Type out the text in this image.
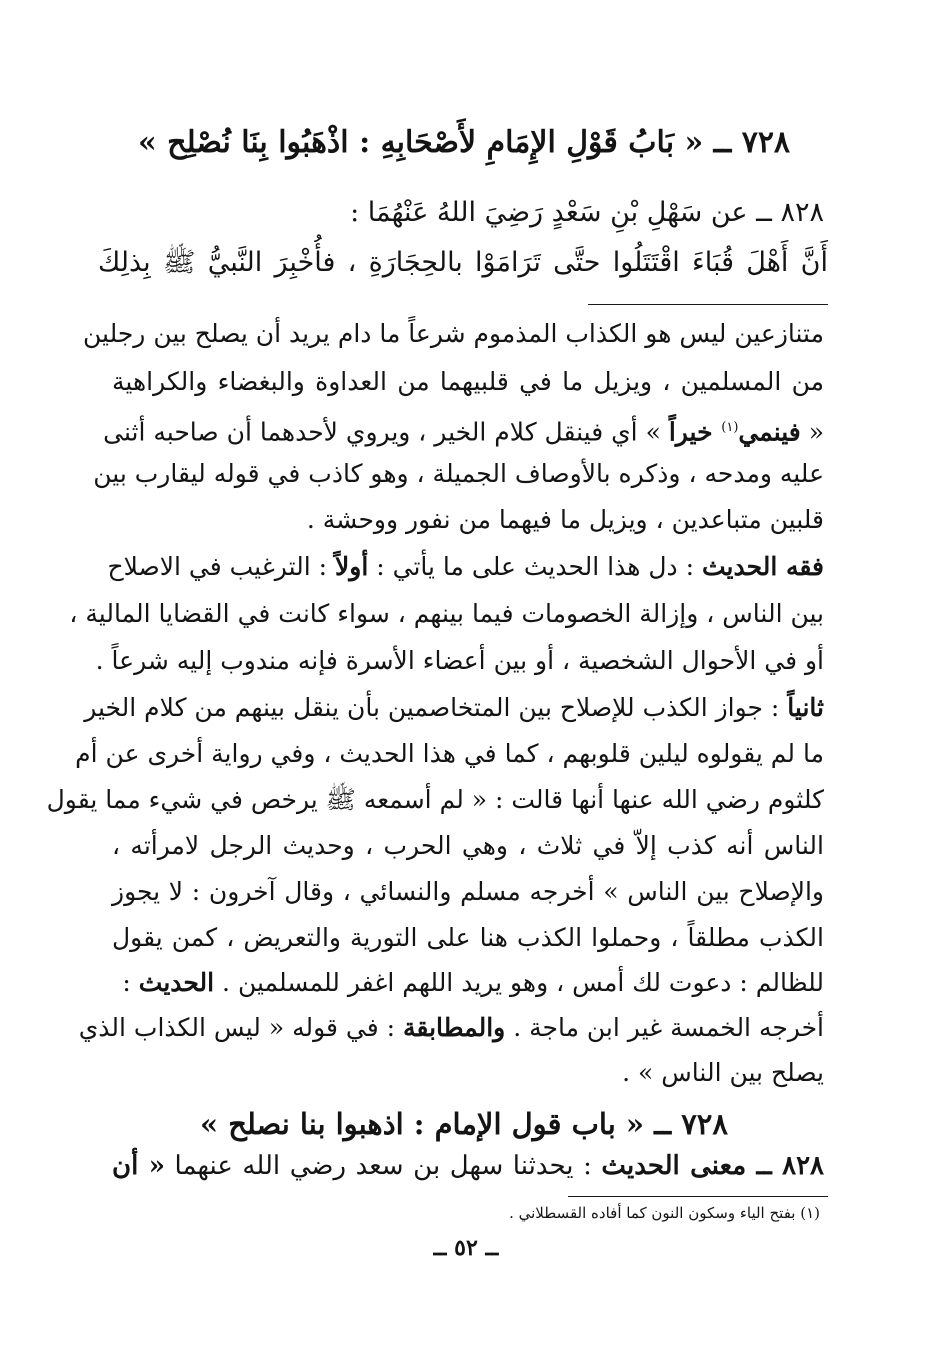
٧٢٨ ــ « بَابُ قَوْلِ الإِمَامِ لأَصْحَابِهِ : اذْهَبُوا بِنَا نُصْلِح »
٨٢٨ ــ عن سَهْلِ بْنِ سَعْدٍ رَضِيَ اللهُ عَنْهُمَا :
أَنَّ أَهْلَ قُبَاءَ اقْتَتَلُوا حتَّى تَرَامَوْا بالحِجَارَةِ ، فأُخْبِرَ النَّبيُّ ﷺ بِذلِكَ
متنازعين ليس هو الكذاب المذموم شرعاً ما دام يريد أن يصلح بين رجلين
من المسلمين ، ويزيل ما في قلبيهما من العداوة والبغضاء والكراهية
« فينمي$^{(١)}$ خيراً » أي فينقل كلام الخير ، ويروي لأحدهما أن صاحبه أثنى
عليه ومدحه ، وذكره بالأوصاف الجميلة ، وهو كاذب في قوله ليقارب بين
قلبين متباعدين ، ويزيل ما فيهما من نفور ووحشة .
فقه الحديث : دل هذا الحديث على ما يأتي : أولاً : الترغيب في الاصلاح
بين الناس ، وإزالة الخصومات فيما بينهم ، سواء كانت في القضايا المالية ،
أو في الأحوال الشخصية ، أو بين أعضاء الأسرة فإنه مندوب إليه شرعاً .
ثانياً : جواز الكذب للإصلاح بين المتخاصمين بأن ينقل بينهم من كلام الخير
ما لم يقولوه ليلين قلوبهم ، كما في هذا الحديث ، وفي رواية أخرى عن أم
كلثوم رضي الله عنها أنها قالت : « لم أسمعه ﷺ يرخص في شيء مما يقول
الناس أنه كذب إلاّ في ثلاث ، وهي الحرب ، وحديث الرجل لامرأته ،
والإصلاح بين الناس » أخرجه مسلم والنسائي ، وقال آخرون : لا يجوز
الكذب مطلقاً ، وحملوا الكذب هنا على التورية والتعريض ، كمن يقول
للظالم : دعوت لك أمس ، وهو يريد اللهم اغفر للمسلمين . الحديث :
أخرجه الخمسة غير ابن ماجة . والمطابقة : في قوله « ليس الكذاب الذي
يصلح بين الناس » .
٧٢٨ ــ « باب قول الإمام : اذهبوا بنا نصلح »
٨٢٨ ــ معنى الحديث : يحدثنا سهل بن سعد رضي الله عنهما « أن
(١) بفتح الياء وسكون النون كما أفاده القسطلاني .
ــ ٥٢ ــ
